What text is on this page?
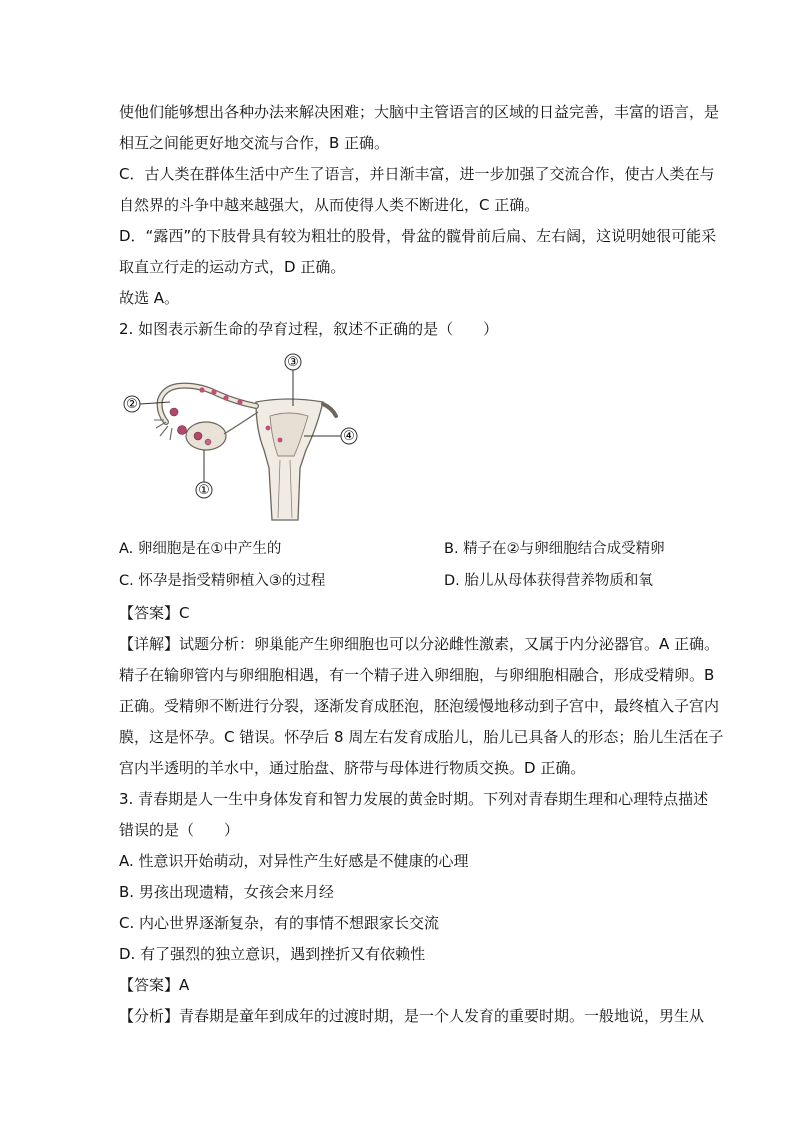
使他们能够想出各种办法来解决困难；大脑中主管语言的区域的日益完善，丰富的语言，是
相互之间能更好地交流与合作，B 正确。
C．古人类在群体生活中产生了语言，并日渐丰富，进一步加强了交流合作，使古人类在与
自然界的斗争中越来越强大，从而使得人类不断进化，C 正确。
D．“露西”的下肢骨具有较为粗壮的股骨，骨盆的髋骨前后扁、左右阔，这说明她很可能采
取直立行走的运动方式，D 正确。
故选 A。
2. 如图表示新生命的孕育过程，叙述不正确的是（　　）
③
②
①
④
A. 卵细胞是在①中产生的	B. 精子在②与卵细胞结合成受精卵
C. 怀孕是指受精卵植入③的过程	D. 胎儿从母体获得营养物质和氧
【答案】C
【详解】试题分析：卵巢能产生卵细胞也可以分泌雌性激素，又属于内分泌器官。A 正确。
精子在输卵管内与卵细胞相遇，有一个精子进入卵细胞，与卵细胞相融合，形成受精卵。B
正确。受精卵不断进行分裂，逐渐发育成胚泡，胚泡缓慢地移动到子宫中，最终植入子宫内
膜，这是怀孕。C 错误。怀孕后 8 周左右发育成胎儿，胎儿已具备人的形态；胎儿生活在子
宫内半透明的羊水中，通过胎盘、脐带与母体进行物质交换。D 正确。
3. 青春期是人一生中身体发育和智力发展的黄金时期。下列对青春期生理和心理特点描述
错误的是（　　）
A. 性意识开始萌动，对异性产生好感是不健康的心理
B. 男孩出现遗精，女孩会来月经
C. 内心世界逐渐复杂，有的事情不想跟家长交流
D. 有了强烈的独立意识，遇到挫折又有依赖性
【答案】A
【分析】青春期是童年到成年的过渡时期，是一个人发育的重要时期。一般地说，男生从
